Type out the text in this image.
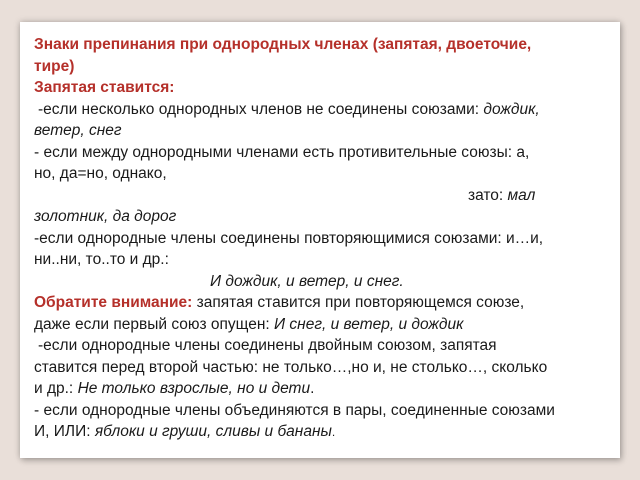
Знаки препинания при однородных членах (запятая, двоеточие,
тире)
Запятая ставится:
-если несколько однородных членов не соединены союзами: дождик,
ветер, снег
- если между однородными членами есть противительные союзы: а,
но, да=но, однако,
зато: мал
золотник, да дорог
-если однородные члены соединены повторяющимися союзами: и…и,
ни..ни, то..то и др.:
И дождик, и ветер, и снег.
Обратите внимание: запятая ставится при повторяющемся союзе,
даже если первый союз опущен: И снег, и ветер, и дождик
-если однородные члены соединены двойным союзом, запятая
ставится перед второй частью: не только…,но и, не столько…, сколько
и др.: Не только взрослые, но и дети.
- если однородные члены объединяются в пары, соединенные союзами
И, ИЛИ: яблоки и груши, сливы и бананы.
